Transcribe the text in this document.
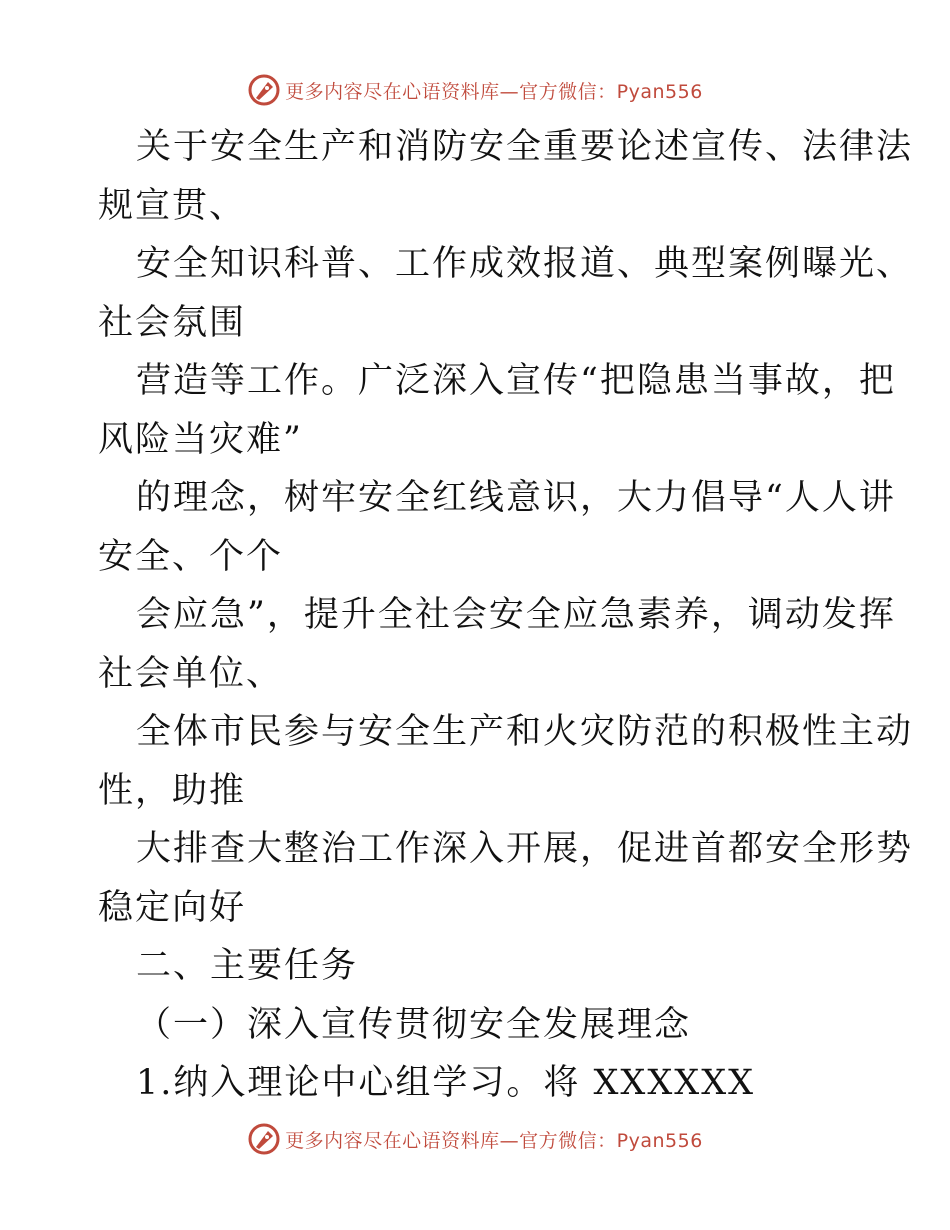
更多内容尽在心语资料库—官方微信：Pyan556
关于安全生产和消防安全重要论述宣传、法律法
规宣贯、
安全知识科普、工作成效报道、典型案例曝光、
社会氛围
营造等工作。广泛深入宣传“把隐患当事故，把
风险当灾难”
的理念，树牢安全红线意识，大力倡导“人人讲
安全、个个
会应急”，提升全社会安全应急素养，调动发挥
社会单位、
全体市民参与安全生产和火灾防范的积极性主动
性，助推
大排查大整治工作深入开展，促进首都安全形势
稳定向好
二、主要任务
（一）深入宣传贯彻安全发展理念
1.纳入理论中心组学习。将 XXXXXX
更多内容尽在心语资料库—官方微信：Pyan556
